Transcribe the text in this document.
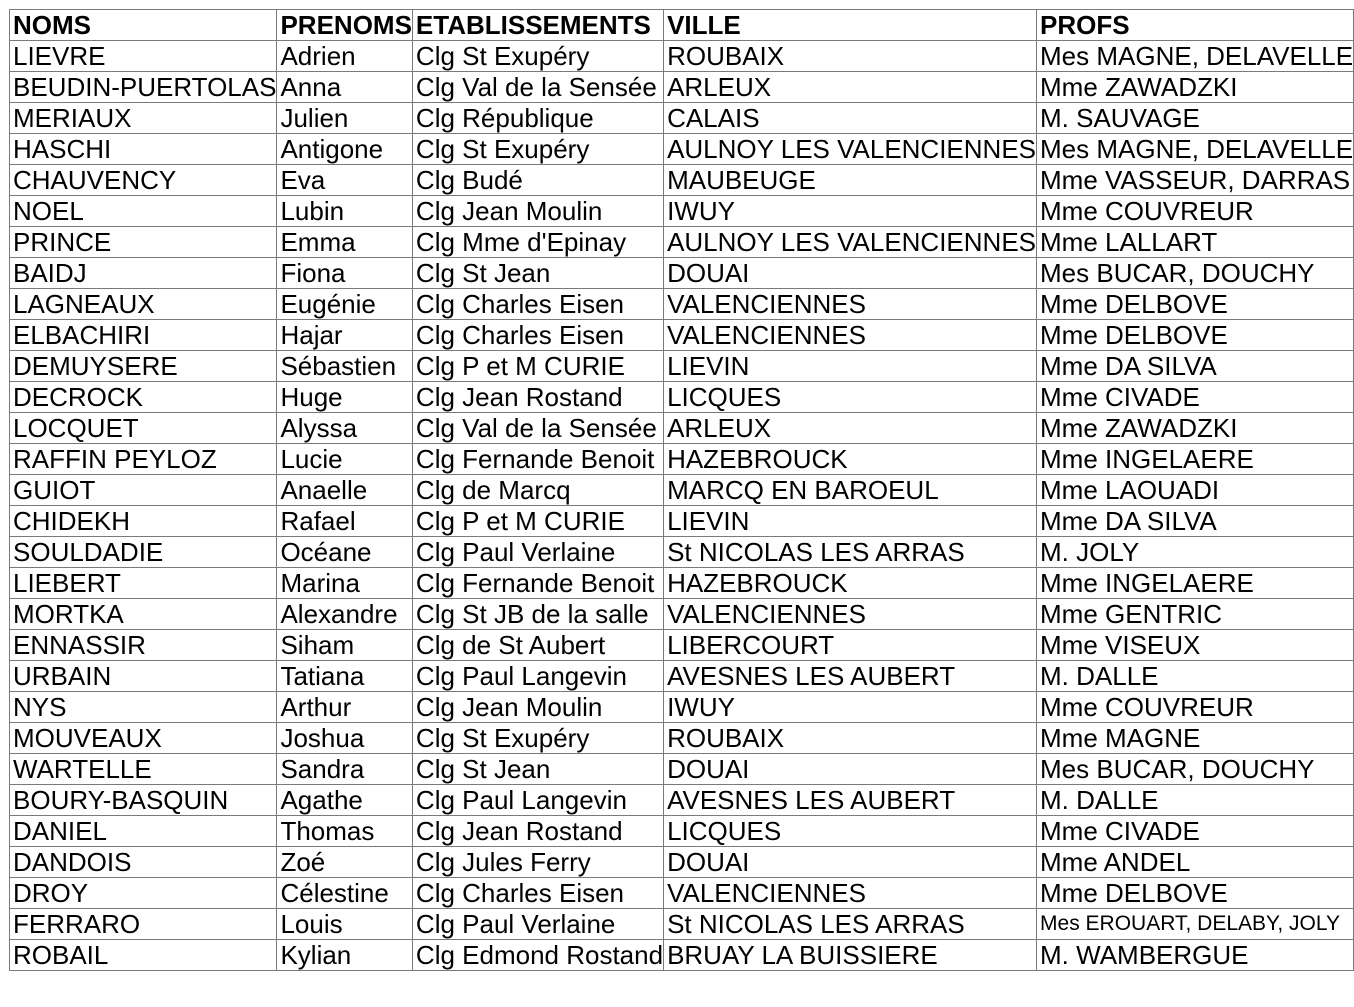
NOMS	PRENOMS	ETABLISSEMENTS	VILLE	PROFS
LIEVRE	Adrien	Clg St Exupéry	ROUBAIX	Mes MAGNE, DELAVELLE
BEUDIN-PUERTOLAS	Anna	Clg Val de la Sensée	ARLEUX	Mme ZAWADZKI
MERIAUX	Julien	Clg République	CALAIS	M. SAUVAGE
HASCHI	Antigone	Clg St Exupéry	AULNOY LES VALENCIENNES	Mes MAGNE, DELAVELLE
CHAUVENCY	Eva	Clg Budé	MAUBEUGE	Mme VASSEUR, DARRAS
NOEL	Lubin	Clg Jean Moulin	IWUY	Mme COUVREUR
PRINCE	Emma	Clg Mme d'Epinay	AULNOY LES VALENCIENNES	Mme LALLART
BAIDJ	Fiona	Clg St Jean	DOUAI	Mes BUCAR, DOUCHY
LAGNEAUX	Eugénie	Clg Charles Eisen	VALENCIENNES	Mme DELBOVE
ELBACHIRI	Hajar	Clg Charles Eisen	VALENCIENNES	Mme DELBOVE
DEMUYSERE	Sébastien	Clg P et M CURIE	LIEVIN	Mme DA SILVA
DECROCK	Huge	Clg Jean Rostand	LICQUES	Mme CIVADE
LOCQUET	Alyssa	Clg Val de la Sensée	ARLEUX	Mme ZAWADZKI
RAFFIN PEYLOZ	Lucie	Clg Fernande Benoit	HAZEBROUCK	Mme INGELAERE
GUIOT	Anaelle	Clg de Marcq	MARCQ EN BAROEUL	Mme LAOUADI
CHIDEKH	Rafael	Clg P et M CURIE	LIEVIN	Mme DA SILVA
SOULDADIE	Océane	Clg Paul Verlaine	St NICOLAS LES ARRAS	M. JOLY
LIEBERT	Marina	Clg Fernande Benoit	HAZEBROUCK	Mme INGELAERE
MORTKA	Alexandre	Clg St JB de la salle	VALENCIENNES	Mme GENTRIC
ENNASSIR	Siham	Clg de St Aubert	LIBERCOURT	Mme VISEUX
URBAIN	Tatiana	Clg Paul Langevin	AVESNES LES AUBERT	M. DALLE
NYS	Arthur	Clg Jean Moulin	IWUY	Mme COUVREUR
MOUVEAUX	Joshua	Clg St Exupéry	ROUBAIX	Mme MAGNE
WARTELLE	Sandra	Clg St Jean	DOUAI	Mes BUCAR, DOUCHY
BOURY-BASQUIN	Agathe	Clg Paul Langevin	AVESNES LES AUBERT	M. DALLE
DANIEL	Thomas	Clg Jean Rostand	LICQUES	Mme CIVADE
DANDOIS	Zoé	Clg Jules Ferry	DOUAI	Mme ANDEL
DROY	Célestine	Clg Charles Eisen	VALENCIENNES	Mme DELBOVE
FERRARO	Louis	Clg Paul Verlaine	St NICOLAS LES ARRAS	Mes EROUART, DELABY, JOLY
ROBAIL	Kylian	Clg Edmond Rostand	BRUAY LA BUISSIERE	M. WAMBERGUE
